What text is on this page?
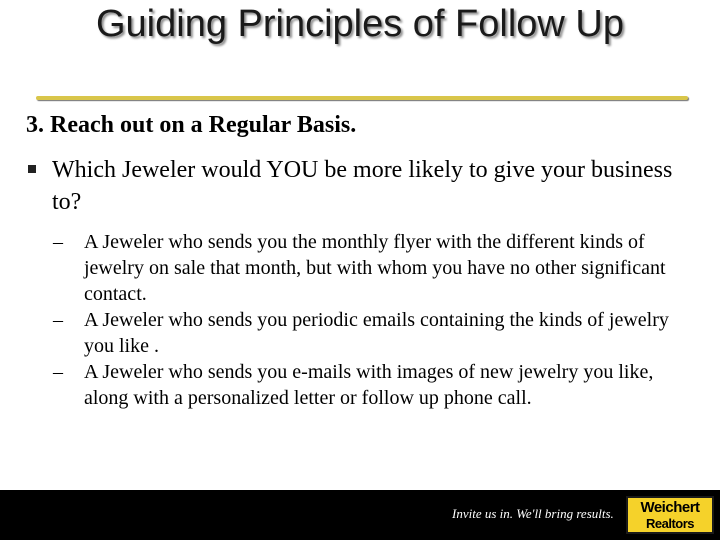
Guiding Principles of Follow Up
3. Reach out on a Regular Basis.
Which Jeweler would YOU be more likely to give your business to?
–	A Jeweler who sends you the monthly flyer with the different kinds of jewelry on sale that month, but with whom you have no other significant contact.
–	A Jeweler who sends you periodic emails containing the kinds of jewelry you like .
–	A Jeweler who sends you e-mails with images of new jewelry you like, along with a personalized letter or follow up phone call.
Invite us in. We'll bring results.	Weichert
Realtors
